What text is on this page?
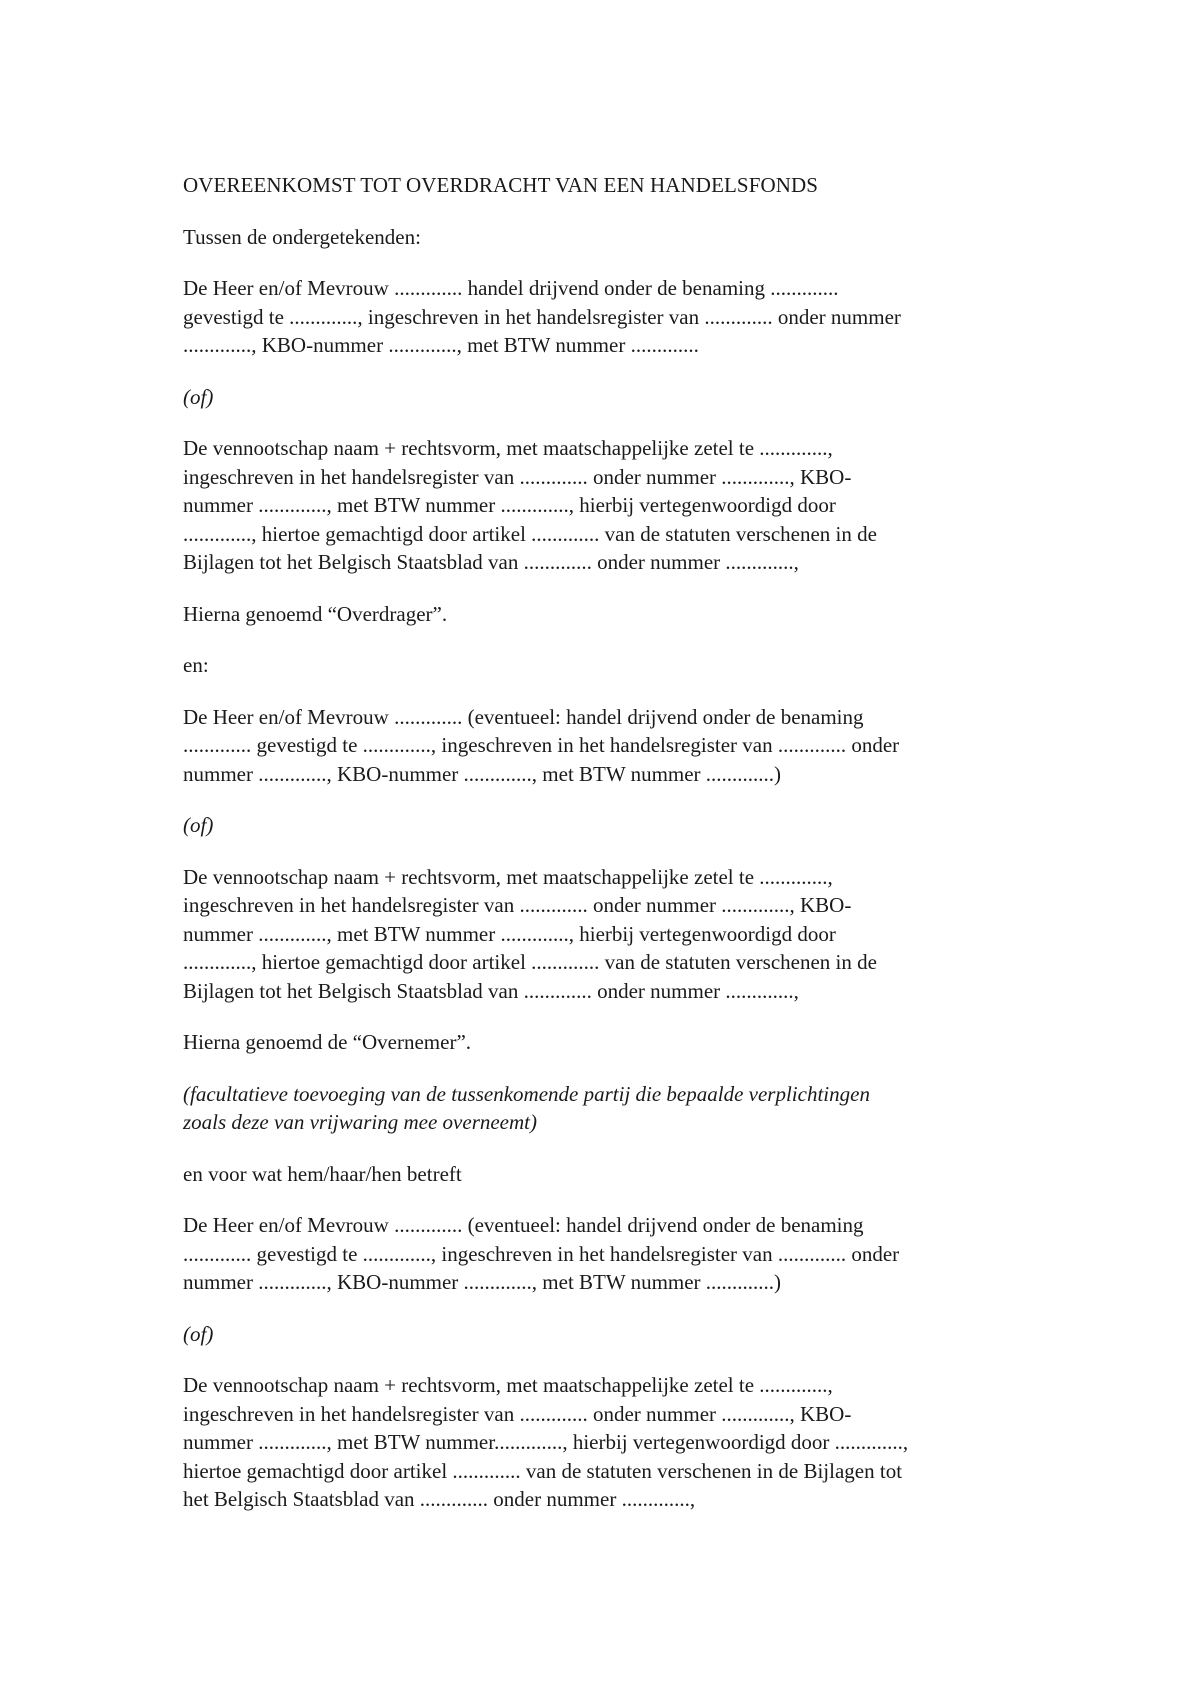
OVEREENKOMST TOT OVERDRACHT VAN EEN HANDELSFONDS
Tussen de ondergetekenden:
De Heer en/of Mevrouw ............. handel drijvend onder de benaming .............
gevestigd te ............., ingeschreven in het handelsregister van ............. onder nummer
............., KBO-nummer ............., met BTW nummer .............
(of)
De vennootschap naam + rechtsvorm, met maatschappelijke zetel te .............,
ingeschreven in het handelsregister van ............. onder nummer ............., KBO-
nummer ............., met BTW nummer ............., hierbij vertegenwoordigd door
............., hiertoe gemachtigd door artikel ............. van de statuten verschenen in de
Bijlagen tot het Belgisch Staatsblad van ............. onder nummer .............,
Hierna genoemd “Overdrager”.
en:
De Heer en/of Mevrouw ............. (eventueel: handel drijvend onder de benaming
............. gevestigd te ............., ingeschreven in het handelsregister van ............. onder
nummer ............., KBO-nummer ............., met BTW nummer .............)
(of)
De vennootschap naam + rechtsvorm, met maatschappelijke zetel te .............,
ingeschreven in het handelsregister van ............. onder nummer ............., KBO-
nummer ............., met BTW nummer ............., hierbij vertegenwoordigd door
............., hiertoe gemachtigd door artikel ............. van de statuten verschenen in de
Bijlagen tot het Belgisch Staatsblad van ............. onder nummer .............,
Hierna genoemd de “Overnemer”.
(facultatieve toevoeging van de tussenkomende partij die bepaalde verplichtingen
zoals deze van vrijwaring mee overneemt)
en voor wat hem/haar/hen betreft
De Heer en/of Mevrouw ............. (eventueel: handel drijvend onder de benaming
............. gevestigd te ............., ingeschreven in het handelsregister van ............. onder
nummer ............., KBO-nummer ............., met BTW nummer .............)
(of)
De vennootschap naam + rechtsvorm, met maatschappelijke zetel te .............,
ingeschreven in het handelsregister van ............. onder nummer ............., KBO-
nummer ............., met BTW nummer............., hierbij vertegenwoordigd door .............,
hiertoe gemachtigd door artikel ............. van de statuten verschenen in de Bijlagen tot
het Belgisch Staatsblad van ............. onder nummer .............,
